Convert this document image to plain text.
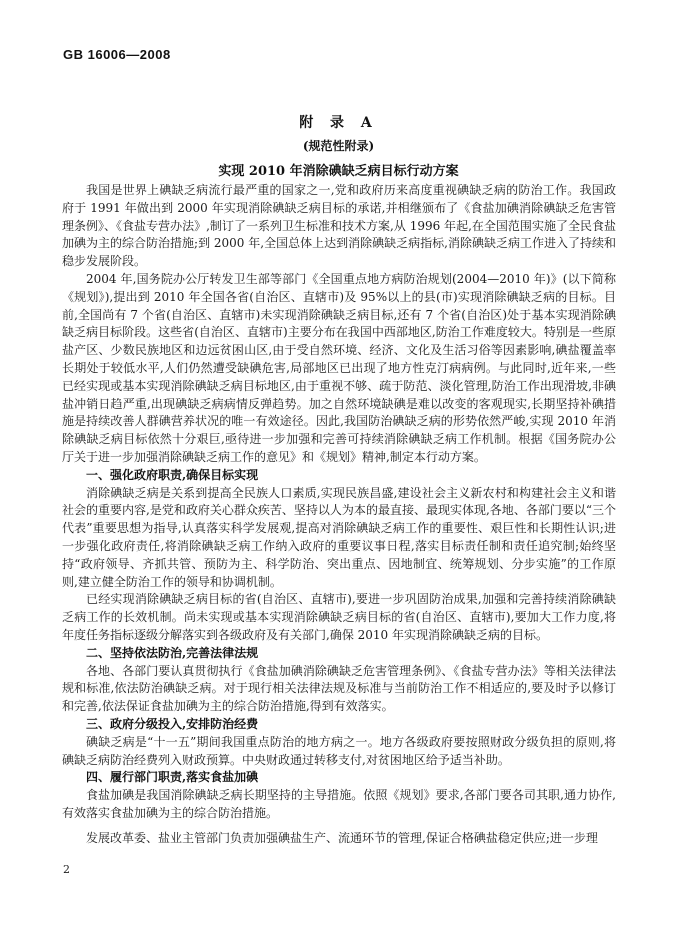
GB 16006—2008

附 录 A

(规范性附录)

实现 2010 年消除碘缺乏病目标行动方案

我国是世界上碘缺乏病流行最严重的国家之一,党和政府历来高度重视碘缺乏病的防治工作。我国政府于 1991 年做出到 2000 年实现消除碘缺乏病目标的承诺,并相继颁布了《食盐加碘消除碘缺乏危害管理条例》、《食盐专营办法》,制订了一系列卫生标准和技术方案,从 1996 年起,在全国范围实施了全民食盐加碘为主的综合防治措施;到 2000 年,全国总体上达到消除碘缺乏病指标,消除碘缺乏病工作进入了持续和稳步发展阶段。

2004 年,国务院办公厅转发卫生部等部门《全国重点地方病防治规划(2004—2010 年)》(以下简称《规划》),提出到 2010 年全国各省(自治区、直辖市)及 95%以上的县(市)实现消除碘缺乏病的目标。目前,全国尚有 7 个省(自治区、直辖市)未实现消除碘缺乏病目标,还有 7 个省(自治区)处于基本实现消除碘缺乏病目标阶段。这些省(自治区、直辖市)主要分布在我国中西部地区,防治工作难度较大。特别是一些原盐产区、少数民族地区和边远贫困山区,由于受自然环境、经济、文化及生活习俗等因素影响,碘盐覆盖率长期处于较低水平,人们仍然遭受缺碘危害,局部地区已出现了地方性克汀病病例。与此同时,近年来,一些已经实现或基本实现消除碘缺乏病目标地区,由于重视不够、疏于防范、淡化管理,防治工作出现滑坡,非碘盐冲销日趋严重,出现碘缺乏病病情反弹趋势。加之自然环境缺碘是难以改变的客观现实,长期坚持补碘措施是持续改善人群碘营养状况的唯一有效途径。因此,我国防治碘缺乏病的形势依然严峻,实现 2010 年消除碘缺乏病目标依然十分艰巨,亟待进一步加强和完善可持续消除碘缺乏病工作机制。根据《国务院办公厅关于进一步加强消除碘缺乏病工作的意见》和《规划》精神,制定本行动方案。

一、强化政府职责,确保目标实现

消除碘缺乏病是关系到提高全民族人口素质,实现民族昌盛,建设社会主义新农村和构建社会主义和谐社会的重要内容,是党和政府关心群众疾苦、坚持以人为本的最直接、最现实体现,各地、各部门要以“三个代表”重要思想为指导,认真落实科学发展观,提高对消除碘缺乏病工作的重要性、艰巨性和长期性认识;进一步强化政府责任,将消除碘缺乏病工作纳入政府的重要议事日程,落实目标责任制和责任追究制;始终坚持“政府领导、齐抓共管、预防为主、科学防治、突出重点、因地制宜、统筹规划、分步实施”的工作原则,建立健全防治工作的领导和协调机制。

已经实现消除碘缺乏病目标的省(自治区、直辖市),要进一步巩固防治成果,加强和完善持续消除碘缺乏病工作的长效机制。尚未实现或基本实现消除碘缺乏病目标的省(自治区、直辖市),要加大工作力度,将年度任务指标逐级分解落实到各级政府及有关部门,确保 2010 年实现消除碘缺乏病的目标。

二、坚持依法防治,完善法律法规

各地、各部门要认真贯彻执行《食盐加碘消除碘缺乏危害管理条例》、《食盐专营办法》等相关法律法规和标准,依法防治碘缺乏病。对于现行相关法律法规及标准与当前防治工作不相适应的,要及时予以修订和完善,依法保证食盐加碘为主的综合防治措施,得到有效落实。

三、政府分级投入,安排防治经费

碘缺乏病是“十一五”期间我国重点防治的地方病之一。地方各级政府要按照财政分级负担的原则,将碘缺乏病防治经费列入财政预算。中央财政通过转移支付,对贫困地区给予适当补助。

四、履行部门职责,落实食盐加碘

食盐加碘是我国消除碘缺乏病长期坚持的主导措施。依照《规划》要求,各部门要各司其职,通力协作,有效落实食盐加碘为主的综合防治措施。

发展改革委、盐业主管部门负责加强碘盐生产、流通环节的管理,保证合格碘盐稳定供应;进一步理

2
